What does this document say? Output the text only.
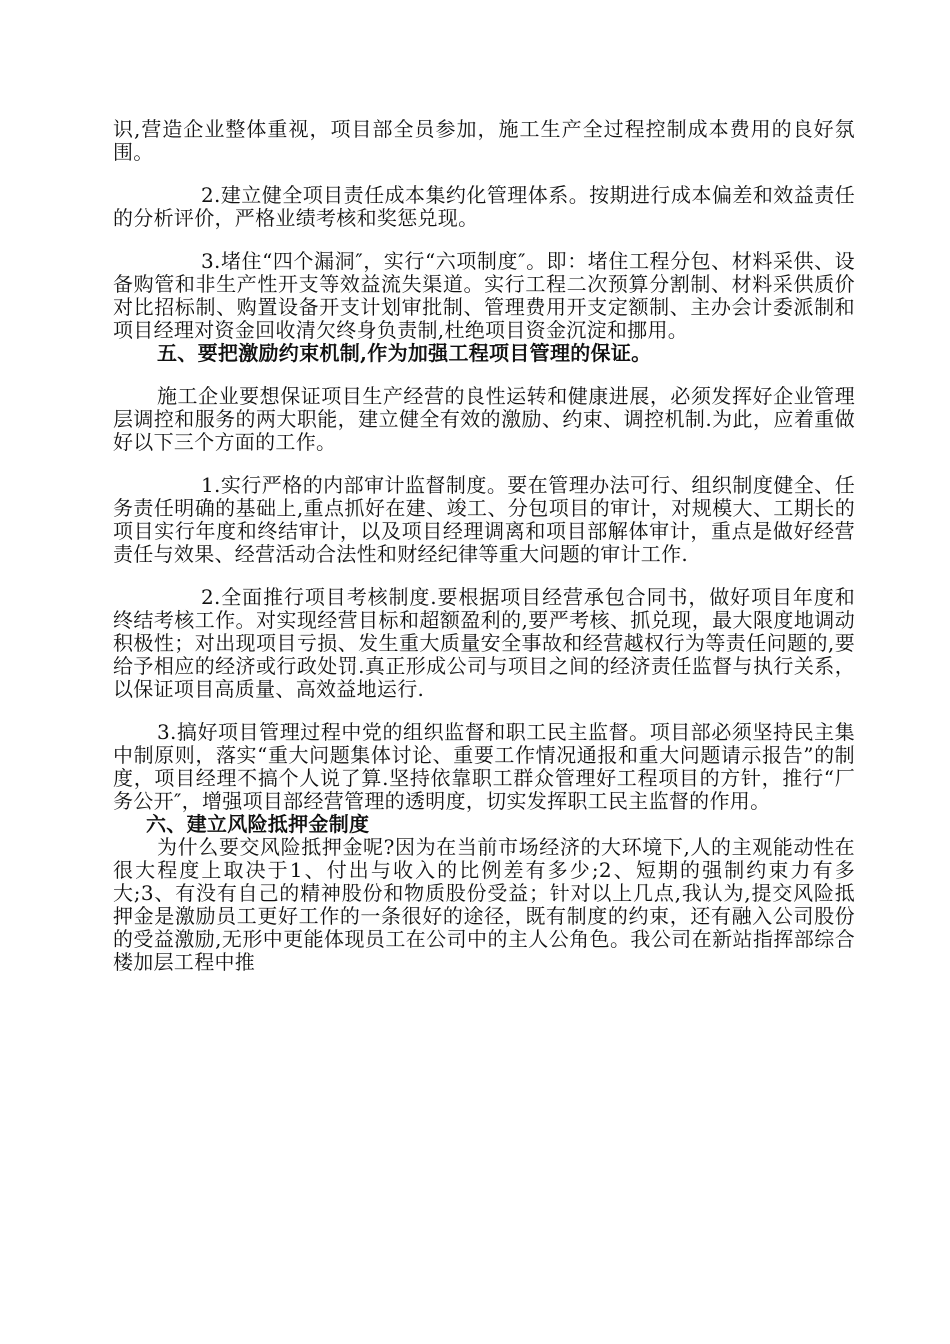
识,营造企业整体重视，项目部全员参加，施工生产全过程控制成本费用的良好氛围。

2.建立健全项目责任成本集约化管理体系。按期进行成本偏差和效益责任的分析评价，严格业绩考核和奖惩兑现。

3.堵住“四个漏洞″，实行“六项制度″。即：堵住工程分包、材料采供、设备购管和非生产性开支等效益流失渠道。实行工程二次预算分割制、材料采供质价对比招标制、购置设备开支计划审批制、管理费用开支定额制、主办会计委派制和项目经理对资金回收清欠终身负责制,杜绝项目资金沉淀和挪用。

五、要把激励约束机制,作为加强工程项目管理的保证。

施工企业要想保证项目生产经营的良性运转和健康进展，必须发挥好企业管理层调控和服务的两大职能，建立健全有效的激励、约束、调控机制.为此，应着重做好以下三个方面的工作。

1.实行严格的内部审计监督制度。要在管理办法可行、组织制度健全、任务责任明确的基础上,重点抓好在建、竣工、分包项目的审计，对规模大、工期长的项目实行年度和终结审计，以及项目经理调离和项目部解体审计，重点是做好经营责任与效果、经营活动合法性和财经纪律等重大问题的审计工作.

2.全面推行项目考核制度.要根据项目经营承包合同书，做好项目年度和终结考核工作。对实现经营目标和超额盈利的,要严考核、抓兑现，最大限度地调动积极性；对出现项目亏损、发生重大质量安全事故和经营越权行为等责任问题的,要给予相应的经济或行政处罚.真正形成公司与项目之间的经济责任监督与执行关系，以保证项目高质量、高效益地运行.

3.搞好项目管理过程中党的组织监督和职工民主监督。项目部必须坚持民主集中制原则，落实“重大问题集体讨论、重要工作情况通报和重大问题请示报告”的制度，项目经理不搞个人说了算.坚持依靠职工群众管理好工程项目的方针，推行“厂务公开″，增强项目部经营管理的透明度，切实发挥职工民主监督的作用。

六、建立风险抵押金制度

为什么要交风险抵押金呢?因为在当前市场经济的大环境下,人的主观能动性在很大程度上取决于1、付出与收入的比例差有多少;2、短期的强制约束力有多大;3、有没有自己的精神股份和物质股份受益；针对以上几点,我认为,提交风险抵押金是激励员工更好工作的一条很好的途径，既有制度的约束，还有融入公司股份的受益激励,无形中更能体现员工在公司中的主人公角色。我公司在新站指挥部综合楼加层工程中推
